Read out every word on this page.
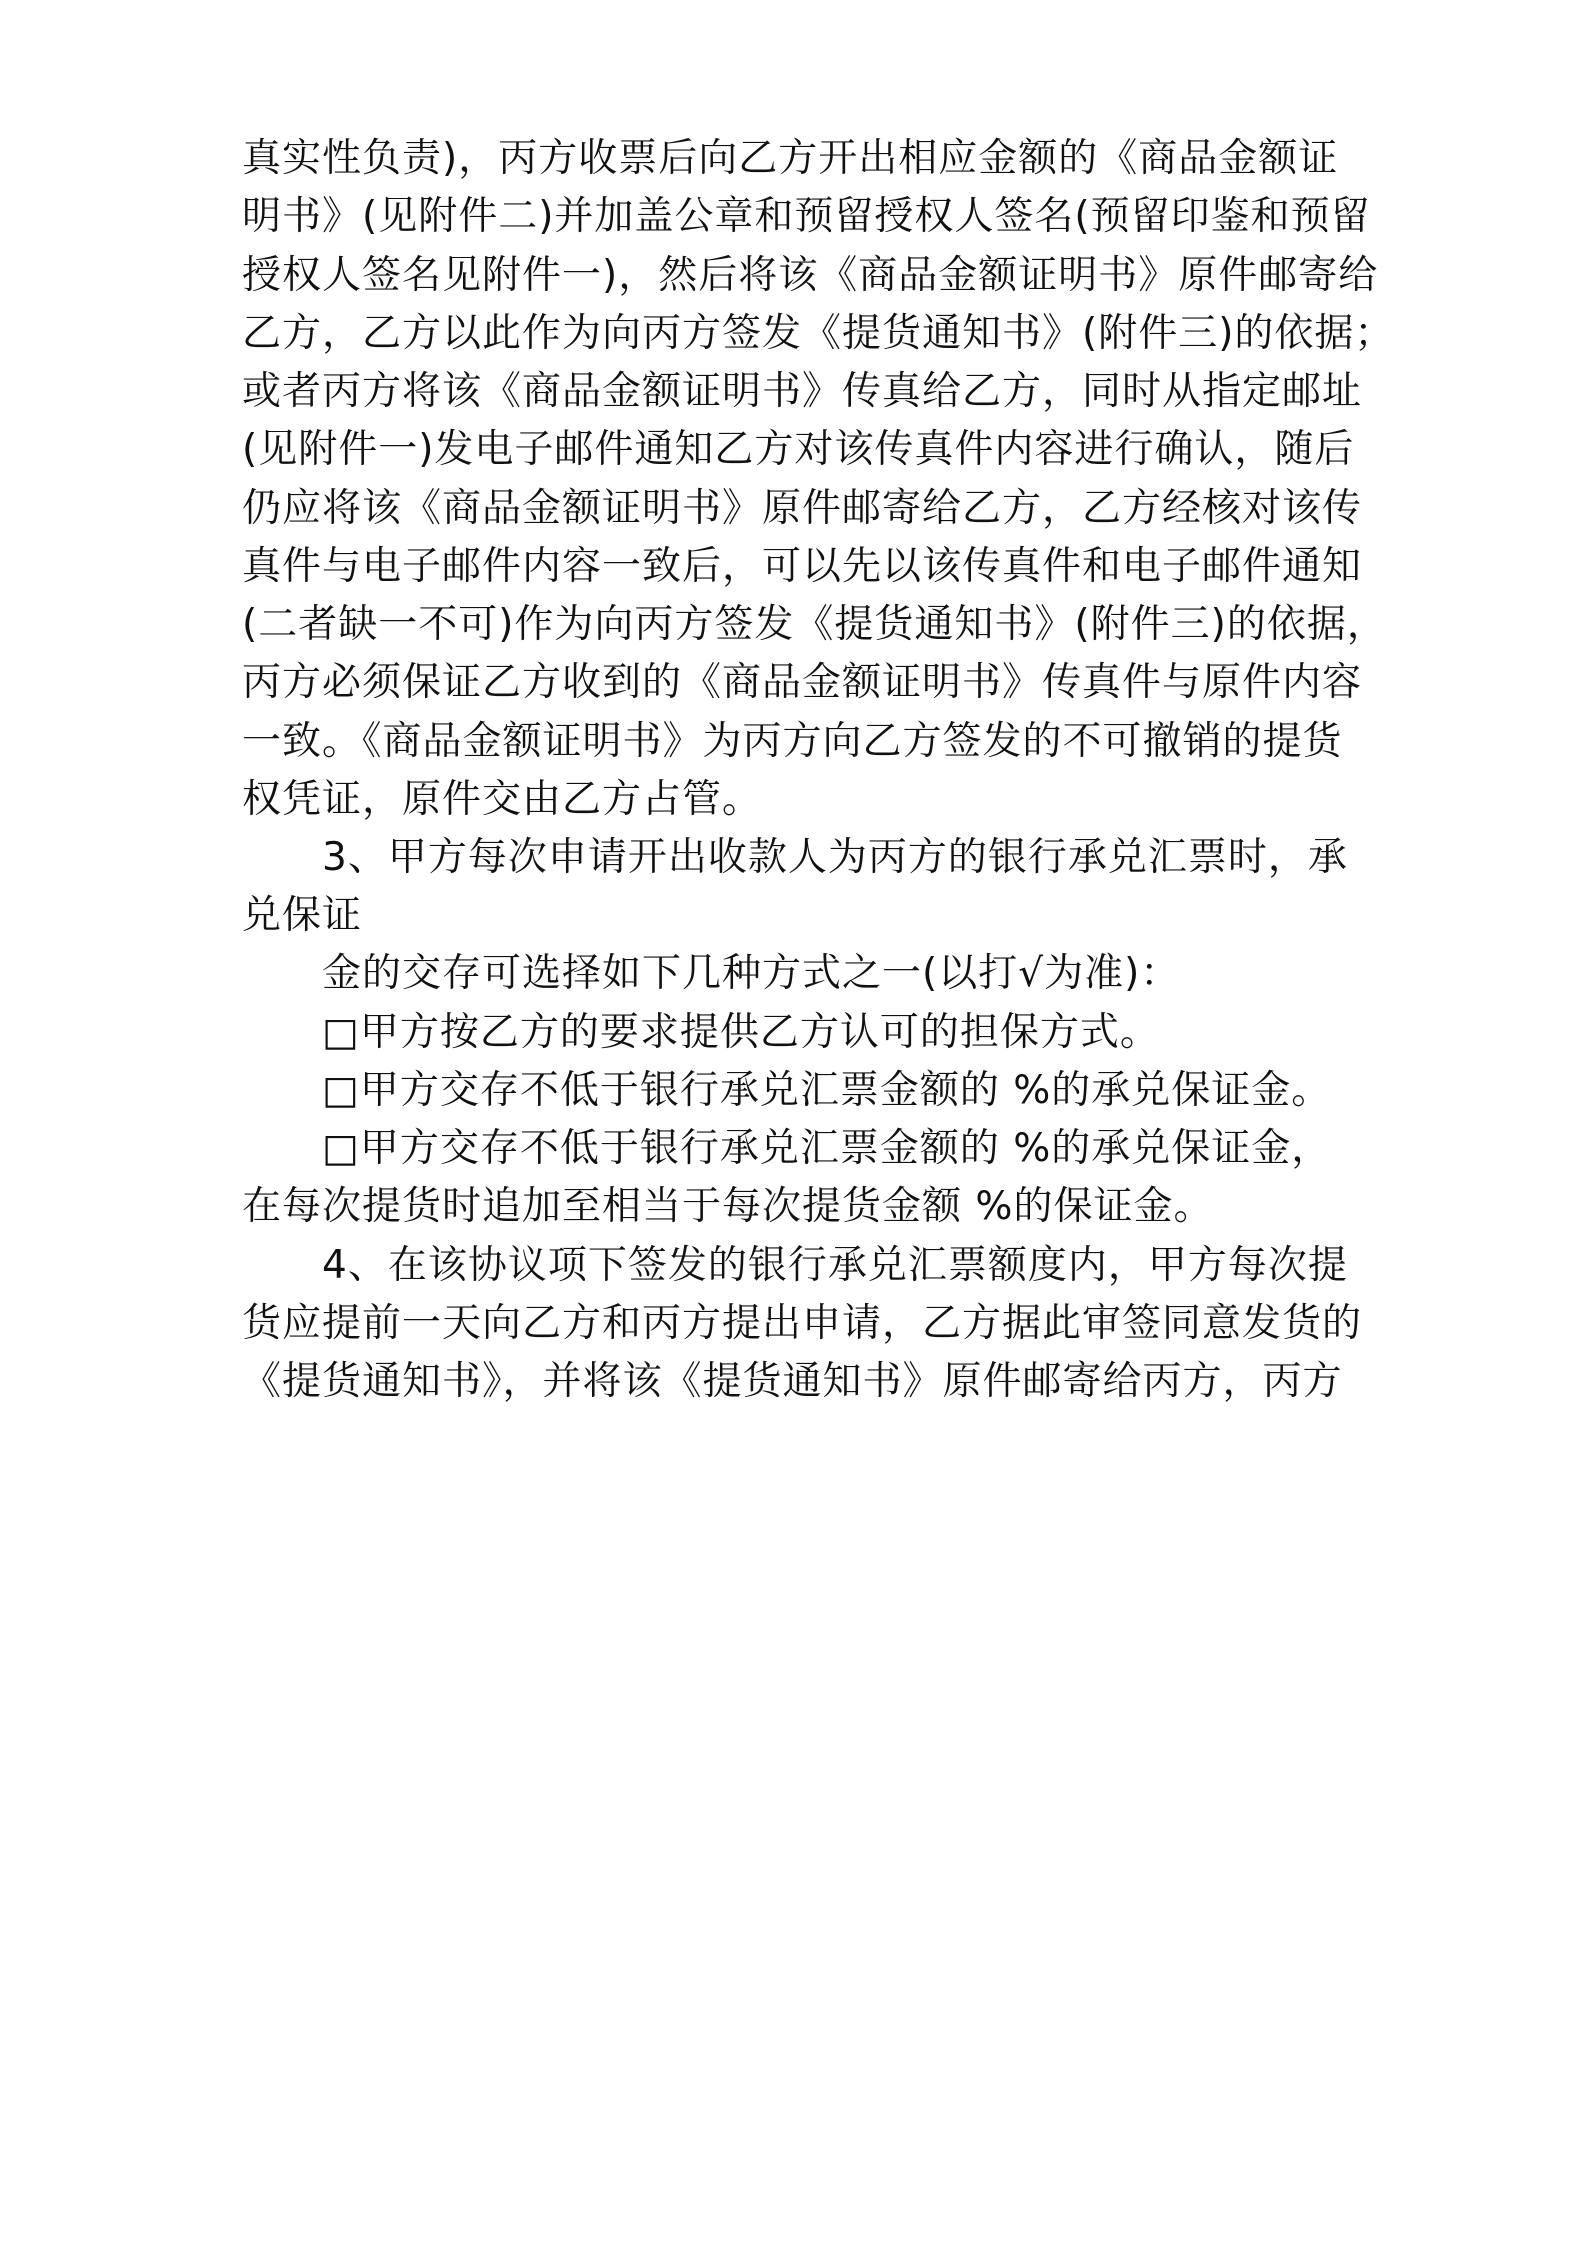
真实性负责)，丙方收票后向乙方开出相应金额的《商品金额证
明书》(见附件二)并加盖公章和预留授权人签名(预留印鉴和预留
授权人签名见附件一)，然后将该《商品金额证明书》原件邮寄给
乙方，乙方以此作为向丙方签发《提货通知书》(附件三)的依据；
或者丙方将该《商品金额证明书》传真给乙方，同时从指定邮址
(见附件一)发电子邮件通知乙方对该传真件内容进行确认，随后
仍应将该《商品金额证明书》原件邮寄给乙方，乙方经核对该传
真件与电子邮件内容一致后，可以先以该传真件和电子邮件通知
(二者缺一不可)作为向丙方签发《提货通知书》(附件三)的依据，
丙方必须保证乙方收到的《商品金额证明书》传真件与原件内容
一致。《商品金额证明书》为丙方向乙方签发的不可撤销的提货
权凭证，原件交由乙方占管。
3、甲方每次申请开出收款人为丙方的银行承兑汇票时，承
兑保证
金的交存可选择如下几种方式之一(以打√为准)：
□甲方按乙方的要求提供乙方认可的担保方式。
□甲方交存不低于银行承兑汇票金额的 %的承兑保证金。
□甲方交存不低于银行承兑汇票金额的 %的承兑保证金，
在每次提货时追加至相当于每次提货金额 %的保证金。
4、在该协议项下签发的银行承兑汇票额度内，甲方每次提
货应提前一天向乙方和丙方提出申请，乙方据此审签同意发货的
《提货通知书》，并将该《提货通知书》原件邮寄给丙方，丙方
